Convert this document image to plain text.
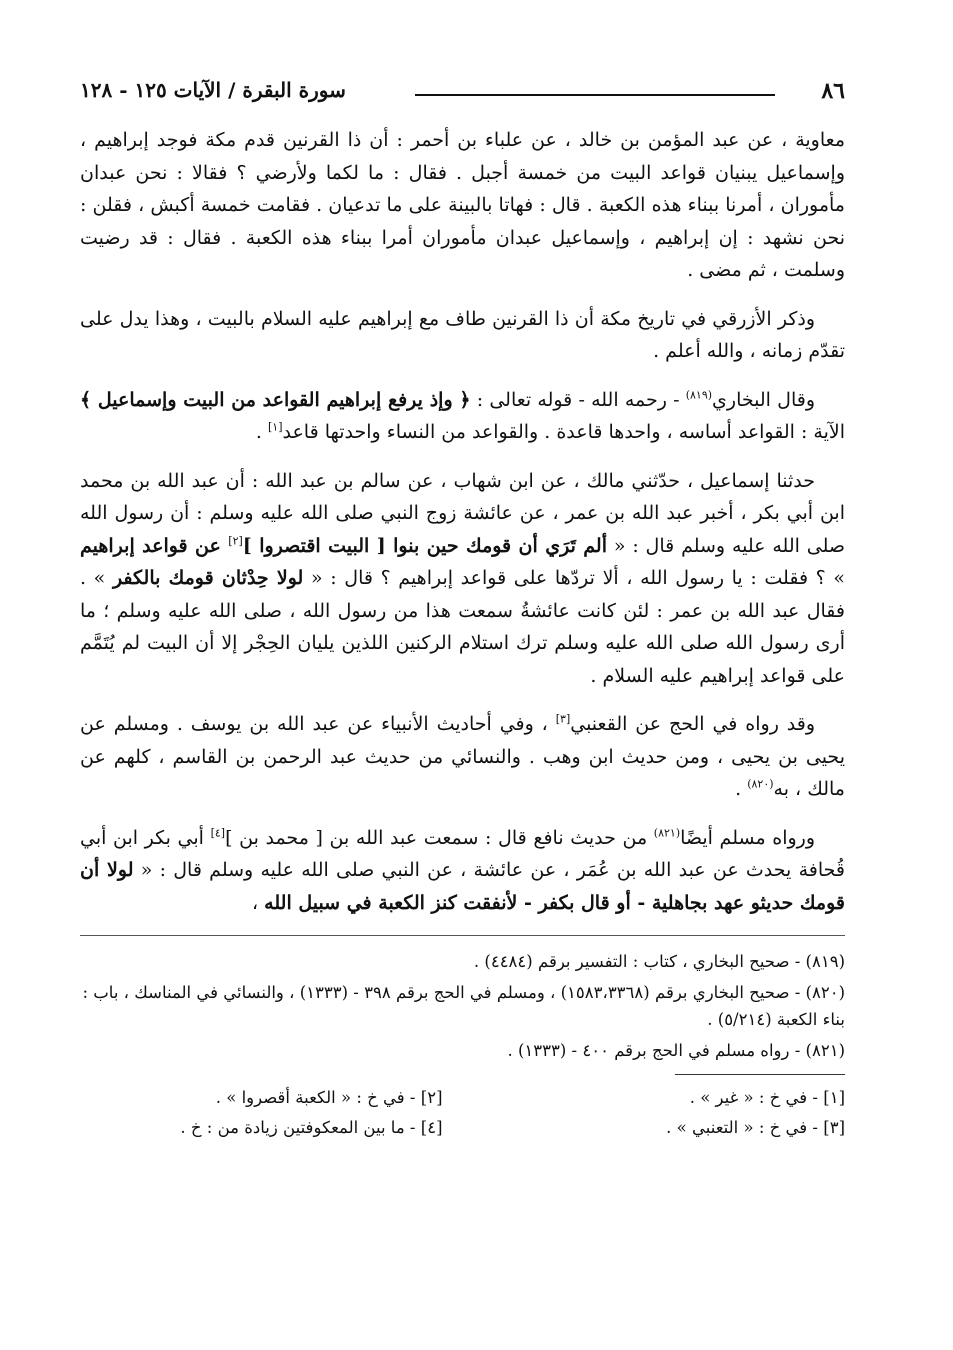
٨٦
سورة البقرة / الآيات ١٢٥ - ١٢٨

معاوية ، عن عبد المؤمن بن خالد ، عن علباء بن أحمر : أن ذا القرنين قدم مكة فوجد إبراهيم ، وإسماعيل يبنيان قواعد البيت من خمسة أجبل . فقال : ما لكما ولأرضي ؟ فقالا : نحن عبدان مأموران ، أمرنا ببناء هذه الكعبة . قال : فهاتا بالبينة على ما تدعيان . فقامت خمسة أكبش ، فقلن : نحن نشهد : إن إبراهيم ، وإسماعيل عبدان مأموران أمرا ببناء هذه الكعبة . فقال : قد رضيت وسلمت ، ثم مضى .

وذكر الأزرقي في تاريخ مكة أن ذا القرنين طاف مع إبراهيم عليه السلام بالبيت ، وهذا يدل على تقدّم زمانه ، والله أعلم .

وقال البخاري$^{(٨١٩)}$ - رحمه الله - قوله تعالى : ﴿ وإذ يرفع إبراهيم القواعد من البيت وإسماعيل ﴾ الآية : القواعد أساسه ، واحدها قاعدة . والقواعد من النساء واحدتها قاعد[١] .

حدثنا إسماعيل ، حدّثني مالك ، عن ابن شهاب ، عن سالم بن عبد الله : أن عبد الله بن محمد ابن أبي بكر ، أخبر عبد الله بن عمر ، عن عائشة زوج النبي صلى الله عليه وسلم : أن رسول الله صلى الله عليه وسلم قال : « ألم تَرَي أن قومك حين بنوا [ البيت اقتصروا ][٢] عن قواعد إبراهيم » ؟ فقلت : يا رسول الله ، ألا تردّها على قواعد إبراهيم ؟ قال : « لولا حِدْثان قومك بالكفر » . فقال عبد الله بن عمر : لئن كانت عائشةُ سمعت هذا من رسول الله ، صلى الله عليه وسلم ؛ ما أرى رسول الله صلى الله عليه وسلم ترك استلام الركنين اللذين يليان الحِجْر إلا أن البيت لم يُتَمَّم على قواعد إبراهيم عليه السلام .

وقد رواه في الحج عن القعنبي[٣] ، وفي أحاديث الأنبياء عن عبد الله بن يوسف . ومسلم عن يحيى بن يحيى ، ومن حديث ابن وهب . والنسائي من حديث عبد الرحمن بن القاسم ، كلهم عن مالك ، به$^{(٨٢٠)}$ .

ورواه مسلم أيضًا$^{(٨٢١)}$ من حديث نافع قال : سمعت عبد الله بن [ محمد بن ][٤] أبي بكر ابن أبي قُحافة يحدث عن عبد الله بن عُمَر ، عن عائشة ، عن النبي صلى الله عليه وسلم قال : « لولا أن قومك حديثو عهد بجاهلية - أو قال بكفر - لأنفقت كنز الكعبة في سبيل الله ،

(٨١٩) - صحيح البخاري ، كتاب : التفسير برقم (٤٤٨٤) .

(٨٢٠) - صحيح البخاري برقم (١٥٨٣،٣٣٦٨) ، ومسلم في الحج برقم ٣٩٨ - (١٣٣٣) ، والنسائي في المناسك ، باب : بناء الكعبة (٥/٢١٤) .

(٨٢١) - رواه مسلم في الحج برقم ٤٠٠ - (١٣٣٣) .

[١] - في خ : « غير » .
[٢] - في خ : « الكعبة أقصروا » .
[٣] - في خ : « التعنبي » .
[٤] - ما بين المعكوفتين زيادة من : خ .
